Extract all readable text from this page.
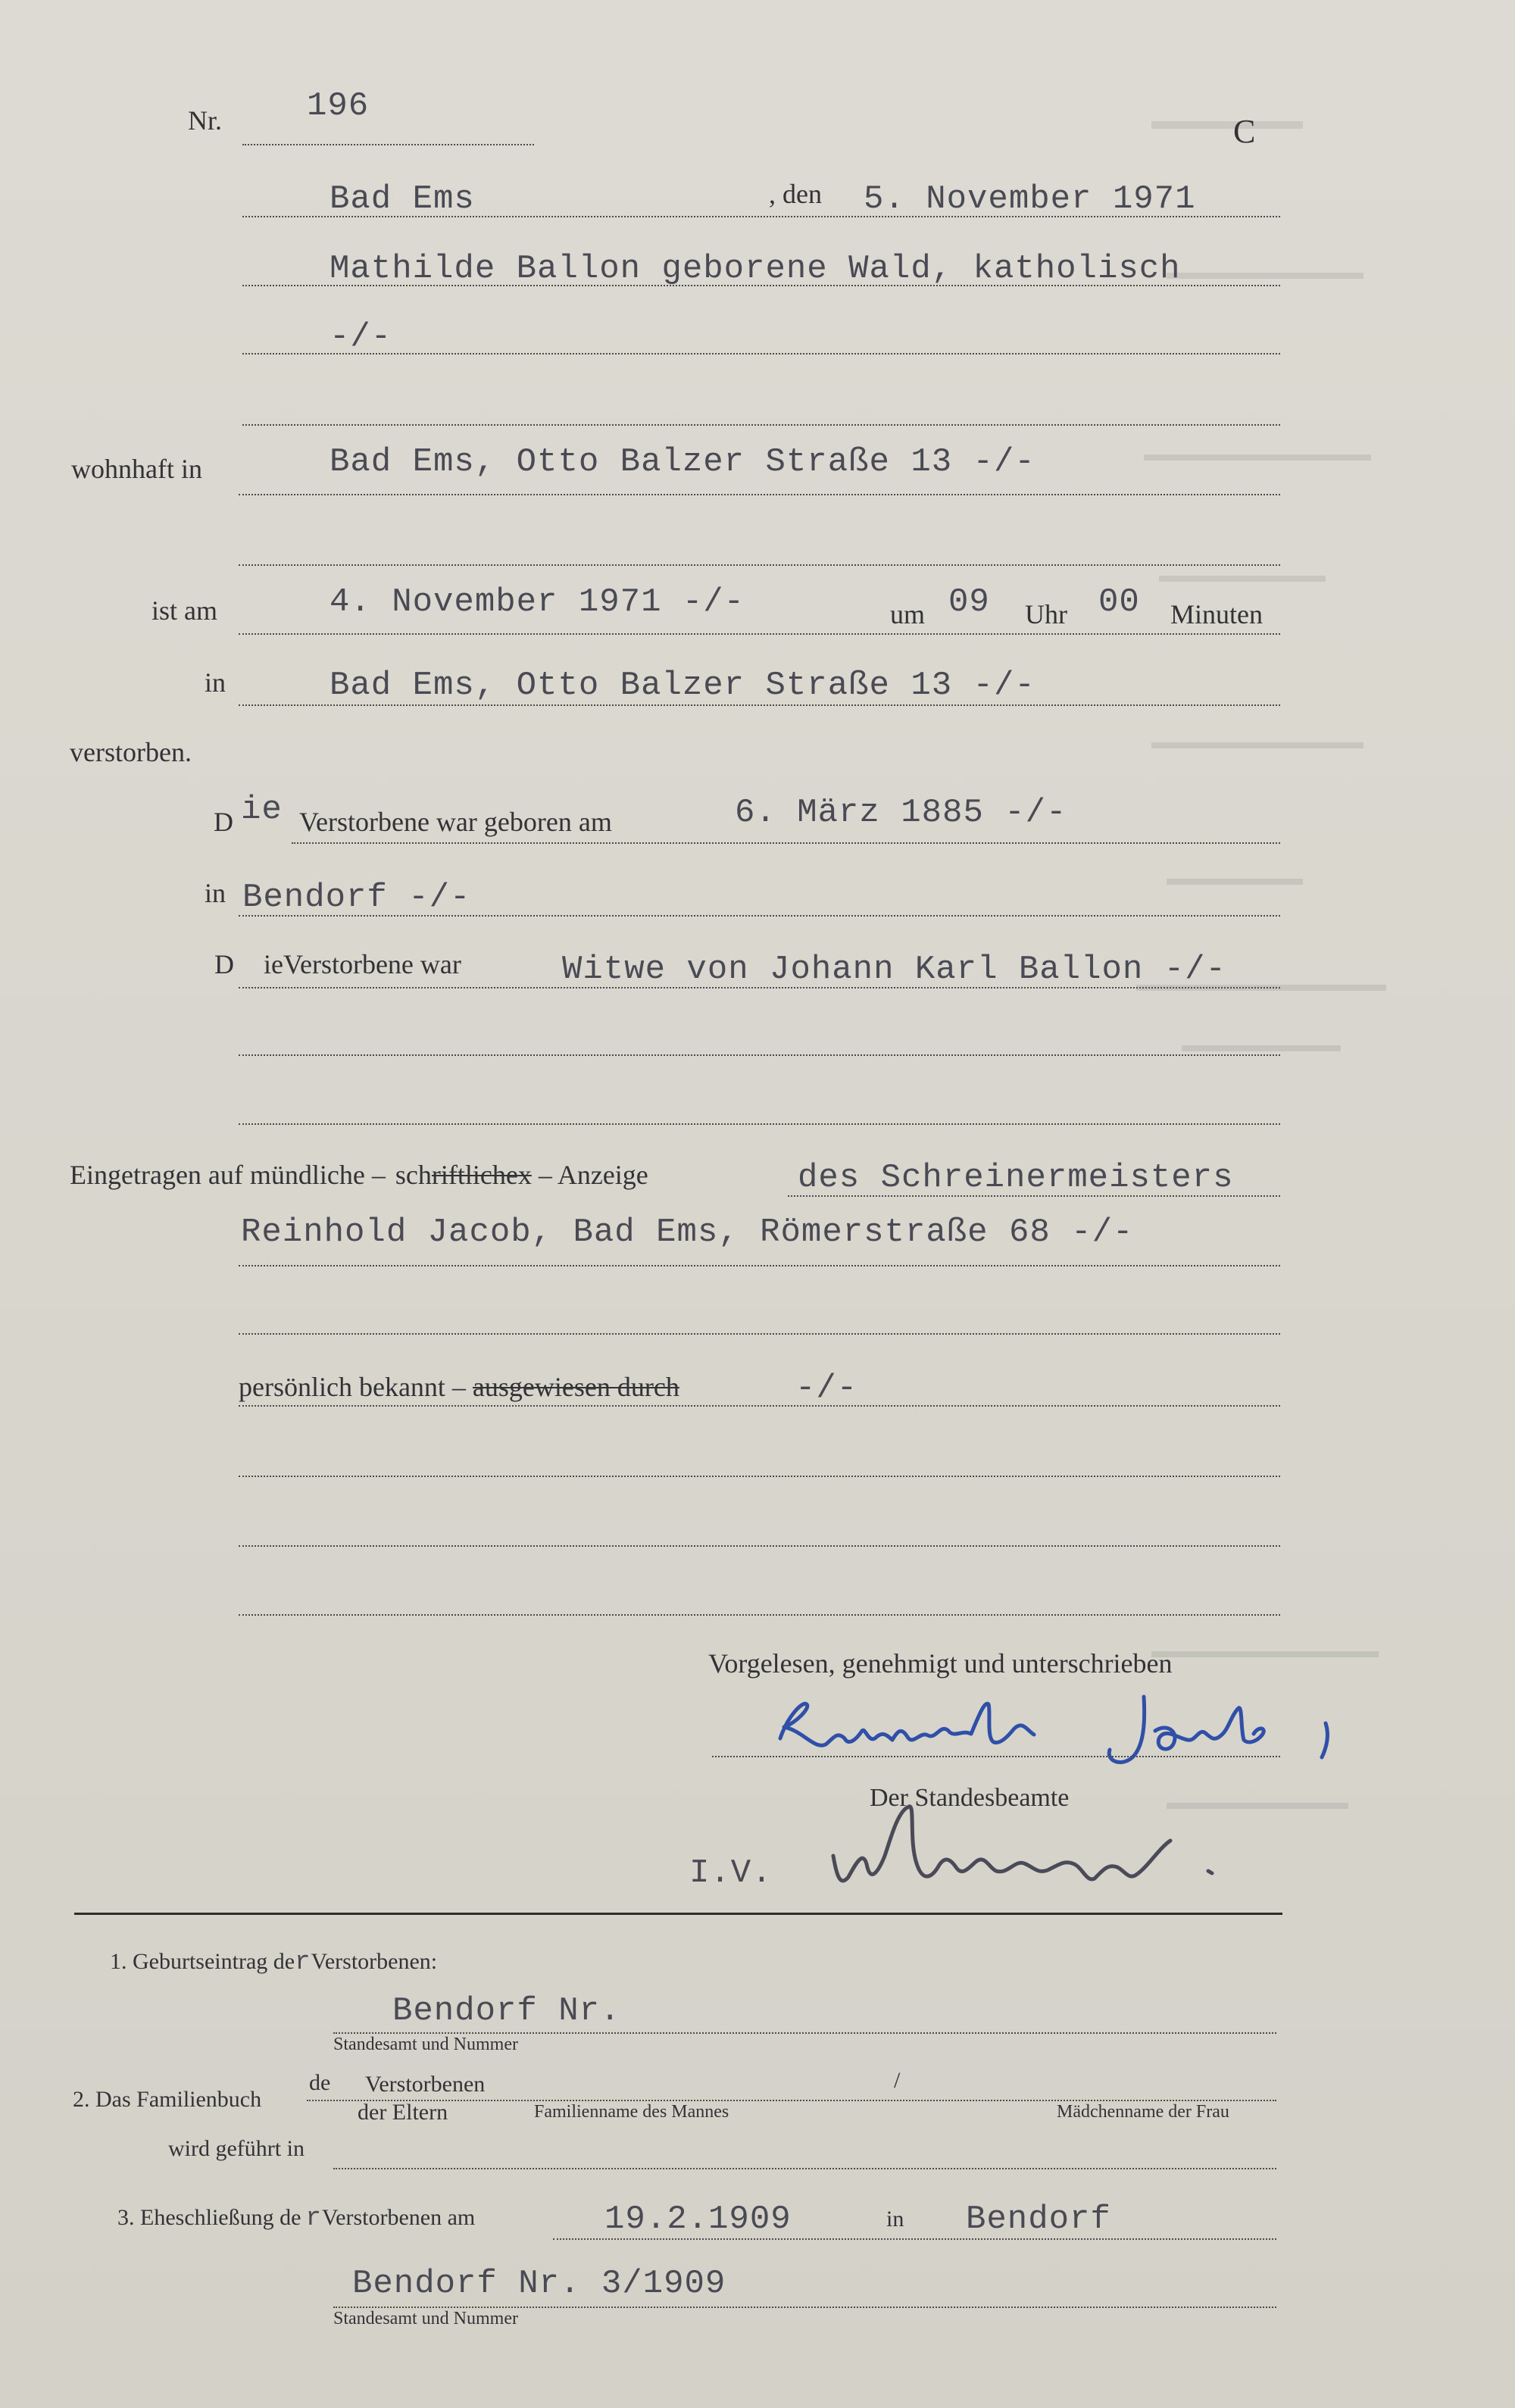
Nr.	196
C
Bad Ems	, den 5. November 1971
Mathilde Ballon geborene Wald, katholisch
-/-
wohnhaft in	Bad Ems, Otto Balzer Straße 13 -/-
ist am	4. November 1971 -/-	um 09 Uhr 00 Minuten
in	Bad Ems, Otto Balzer Straße 13 -/-
verstorben.
D ie Verstorbene war geboren am	6. März 1885 -/-
in Bendorf -/-
D ieVerstorbene war	Witwe von Johann Karl Ballon -/-
Eingetragen auf mündliche – schriftlichex – Anzeige	des Schreinermeisters
Reinhold Jacob, Bad Ems, Römerstraße 68 -/-
persönlich bekannt – ausgewiesen durch	-/-
Vorgelesen, genehmigt und unterschrieben
Der Standesbeamte
I.V.
1. Geburtseintrag derVerstorbenen:
Bendorf Nr.
Standesamt und Nummer
2. Das Familienbuch
de Verstorbenen	/
der Eltern	Familienname des Mannes	Mädchenname der Frau
wird geführt in
3. Eheschließung de rVerstorbenen am	19.2.1909	in Bendorf
Bendorf Nr. 3/1909
Standesamt und Nummer
